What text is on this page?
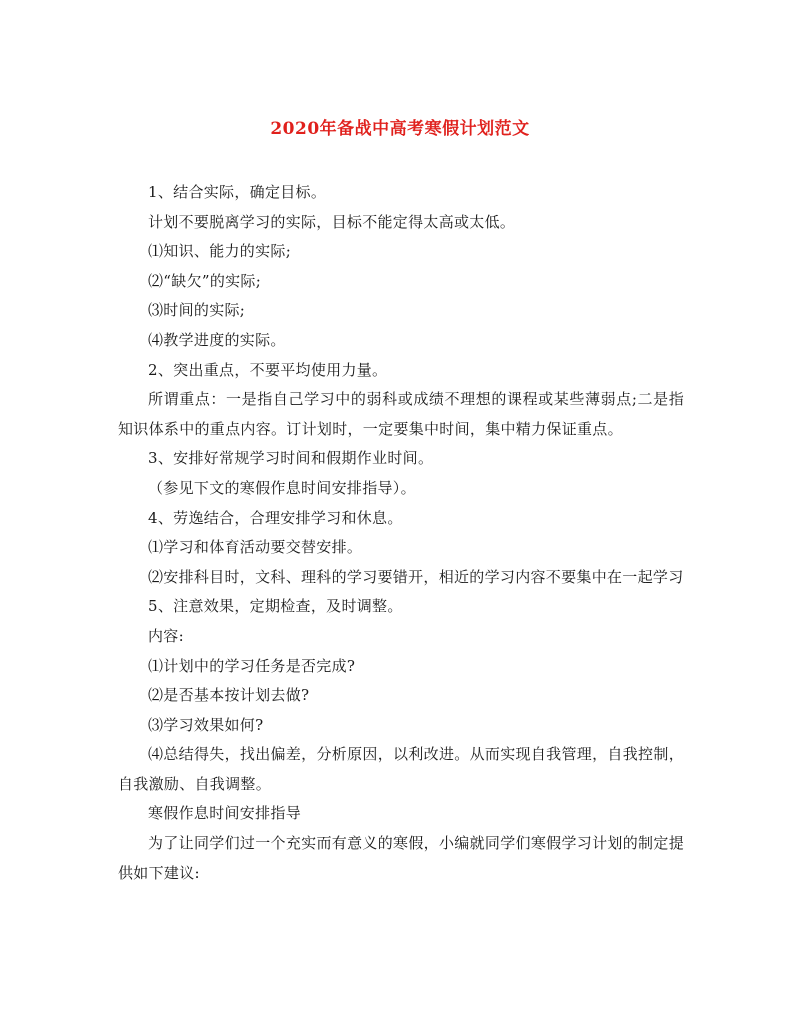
2020年备战中高考寒假计划范文

1、结合实际，确定目标。

计划不要脱离学习的实际，目标不能定得太高或太低。

⑴知识、能力的实际;

⑵“缺欠”的实际;

⑶时间的实际;

⑷教学进度的实际。

2、突出重点，不要平均使用力量。

所谓重点：一是指自己学习中的弱科或成绩不理想的课程或某些薄弱点;二是指知识体系中的重点内容。订计划时，一定要集中时间，集中精力保证重点。

3、安排好常规学习时间和假期作业时间。

（参见下文的寒假作息时间安排指导）。

4、劳逸结合，合理安排学习和休息。

⑴学习和体育活动要交替安排。

⑵安排科目时，文科、理科的学习要错开，相近的学习内容不要集中在一起学习

5、注意效果，定期检查，及时调整。

内容:

⑴计划中的学习任务是否完成?

⑵是否基本按计划去做?

⑶学习效果如何?

⑷总结得失，找出偏差，分析原因，以利改进。从而实现自我管理，自我控制，自我激励、自我调整。

寒假作息时间安排指导

为了让同学们过一个充实而有意义的寒假，小编就同学们寒假学习计划的制定提供如下建议:
